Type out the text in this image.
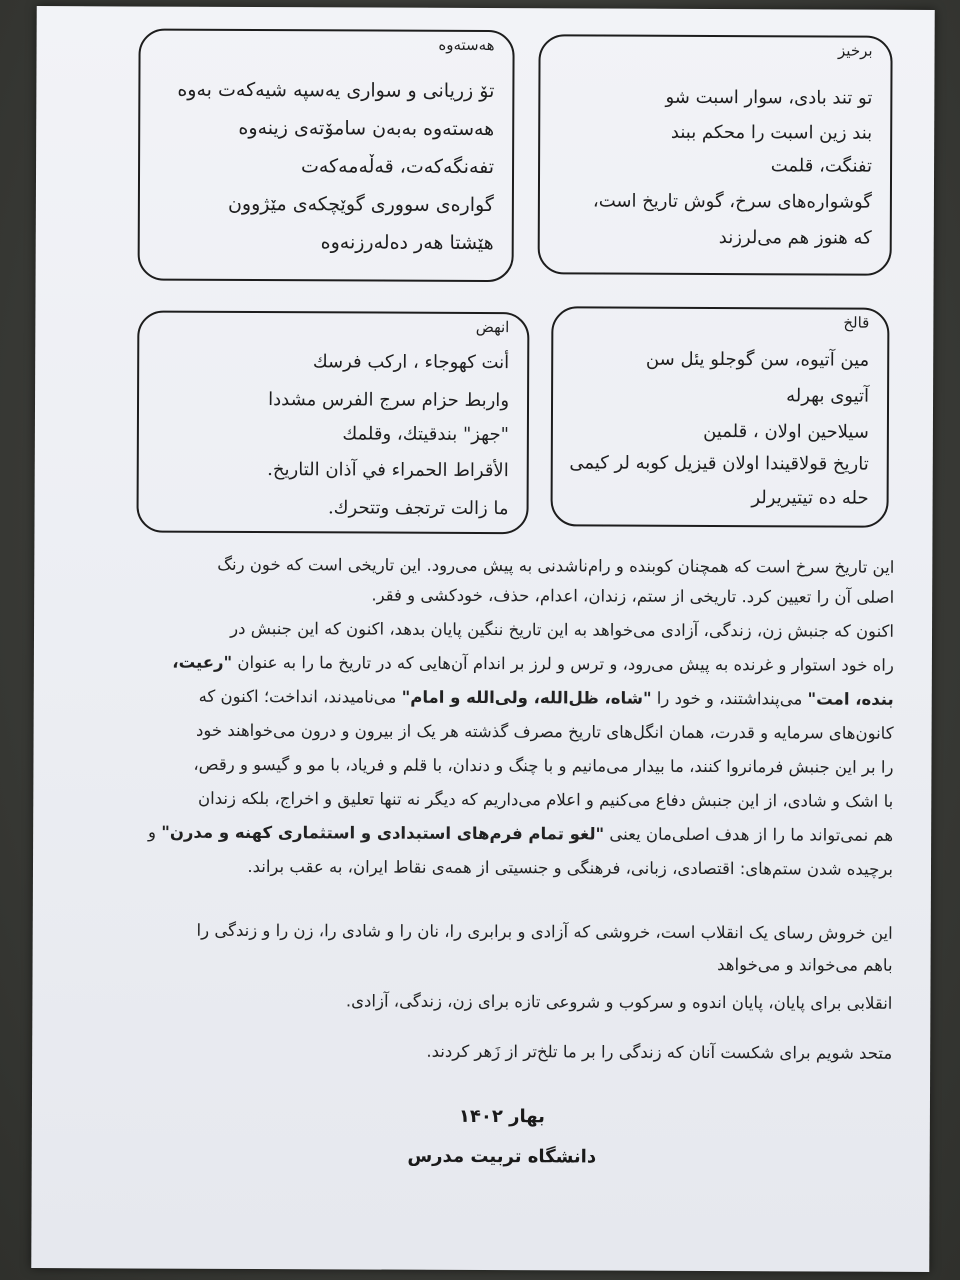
برخیز
تو تند بادی، سوار اسبت شو
بند زین اسبت را محکم ببند
تفنگت، قلمت
گوشواره‌های سرخ، گوش تاریخ است،
که هنوز هم می‌لرزند
ھەستەوە
تۆ زریانی و سواری یەسپە شیەکەت بەوە
ھەستەوە بەبەن سامۆتەی زینەوە
تفەنگەکەت، قەڵەمەکەت
گوارەی سووری گوێچکەی مێژوون
ھێشتا ھەر دەلەرزنەوە
قالخ
مین آتیوه، سن گوجلو یئل سن
آتیوی بهرله
سیلاحین اولان ، قلمین
تاریخ قولاقیندا اولان قیزیل کوبه لر کیمی
حله ده تیتیریرلر
انهض
أنت كهوجاء ، اركب فرسك
واربط حزام سرج الفرس مشددا
"جهز" بندقيتك، وقلمك
الأقراط الحمراء في آذان التاريخ.
ما زالت ترتجف وتتحرك.
این تاریخ سرخ است که همچنان کوبنده و رام‌ناشدنی به پیش می‌رود. این تاریخی است که خون رنگ
اصلی آن را تعیین کرد. تاریخی از ستم، زندان، اعدام، حذف، خودکشی و فقر.
اکنون که جنبش زن، زندگی، آزادی می‌خواهد به این تاریخ ننگین پایان بدهد، اکنون که این جنبش در
راه خود استوار و غرنده به پیش می‌رود، و ترس و لرز بر اندام آن‌هایی که در تاریخ ما را به عنوان "رعیت،
بنده، امت" می‌پنداشتند، و خود را "شاه، ظل‌الله، ولی‌الله و امام" می‌نامیدند، انداخت؛ اکنون که
کانون‌های سرمایه و قدرت، همان انگل‌های تاریخ مصرف گذشته هر یک از بیرون و درون می‌خواهند خود
را بر این جنبش فرمانروا کنند، ما بیدار می‌مانیم و با چنگ و دندان، با قلم و فریاد، با مو و گیسو و رقص،
با اشک و شادی، از این جنبش دفاع می‌کنیم و اعلام می‌داریم که دیگر نه تنها تعلیق و اخراج، بلکه زندان
هم نمی‌تواند ما را از هدف اصلی‌مان یعنی "لغو تمام فرم‌های استبدادی و استثماری کهنه و مدرن" و
برچیده شدن ستم‌های: اقتصادی، زبانی، فرهنگی و جنسیتی از همه‌ی نقاط ایران، به عقب براند.
این خروش رسای یک انقلاب است، خروشی که آزادی و برابری را، نان را و شادی را، زن را و زندگی را
باهم می‌خواند و می‌خواهد
انقلابی برای پایان، پایان اندوه و سرکوب و شروعی تازه برای زن، زندگی، آزادی.
متحد شویم برای شکست آنان که زندگی را بر ما تلخ‌تر از زَهر کردند.
بهار ۱۴۰۲
دانشگاه تربیت مدرس
